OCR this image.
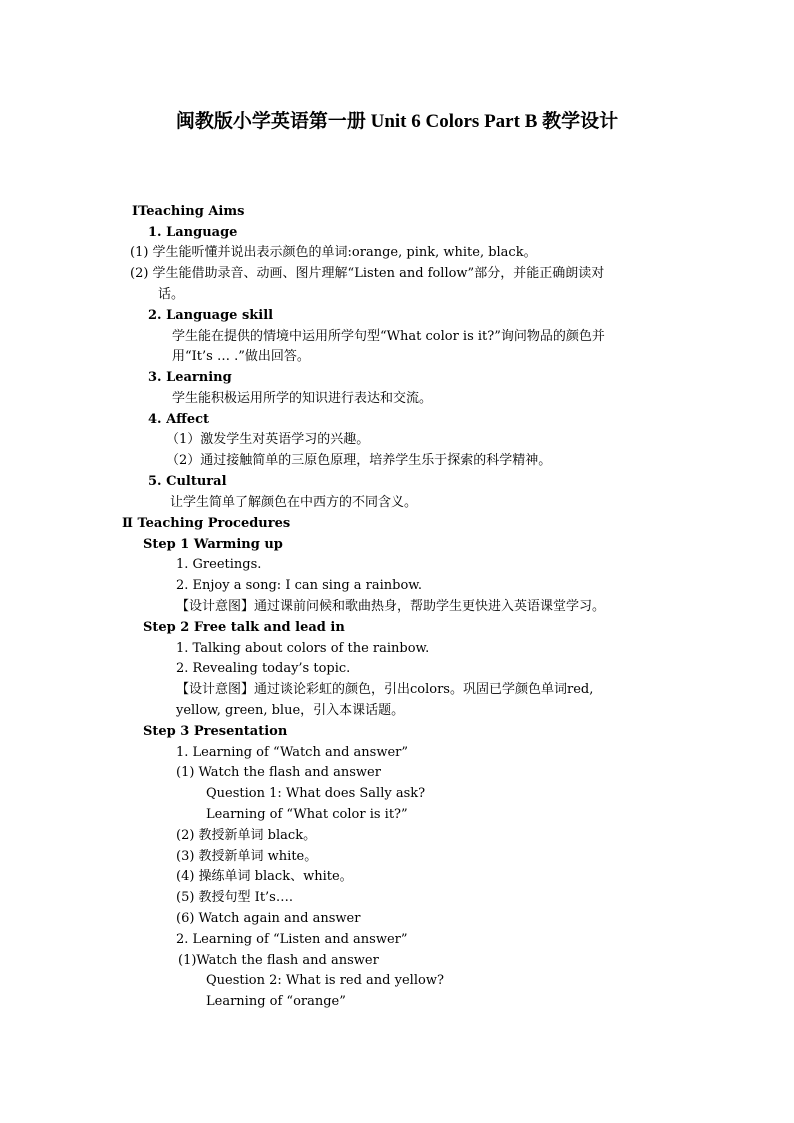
闽教版小学英语第一册 Unit 6 Colors Part B 教学设计
ⅠTeaching Aims
1. Language
(1) 学生能听懂并说出表示颜色的单词:orange, pink, white, black。
(2) 学生能借助录音、动画、图片理解“Listen and follow”部分，并能正确朗读对
话。
2. Language skill
学生能在提供的情境中运用所学句型“What color is it?”询问物品的颜色并
用“It’s … .”做出回答。
3. Learning
学生能积极运用所学的知识进行表达和交流。
4. Affect
（1）激发学生对英语学习的兴趣。
（2）通过接触简单的三原色原理，培养学生乐于探索的科学精神。
5. Cultural
让学生简单了解颜色在中西方的不同含义。
Ⅱ Teaching Procedures
Step 1 Warming up
1. Greetings.
2. Enjoy a song: I can sing a rainbow.
【设计意图】通过课前问候和歌曲热身，帮助学生更快进入英语课堂学习。
Step 2 Free talk and lead in
1. Talking about colors of the rainbow.
2. Revealing today’s topic.
【设计意图】通过谈论彩虹的颜色，引出colors。巩固已学颜色单词red,
yellow, green, blue，引入本课话题。
Step 3 Presentation
1. Learning of “Watch and answer”
(1) Watch the flash and answer
Question 1: What does Sally ask?
Learning of “What color is it?”
(2) 教授新单词 black。
(3) 教授新单词 white。
(4) 操练单词 black、white。
(5) 教授句型 It’s….
(6) Watch again and answer
2. Learning of “Listen and answer”
(1)Watch the flash and answer
Question 2: What is red and yellow?
Learning of “orange”
